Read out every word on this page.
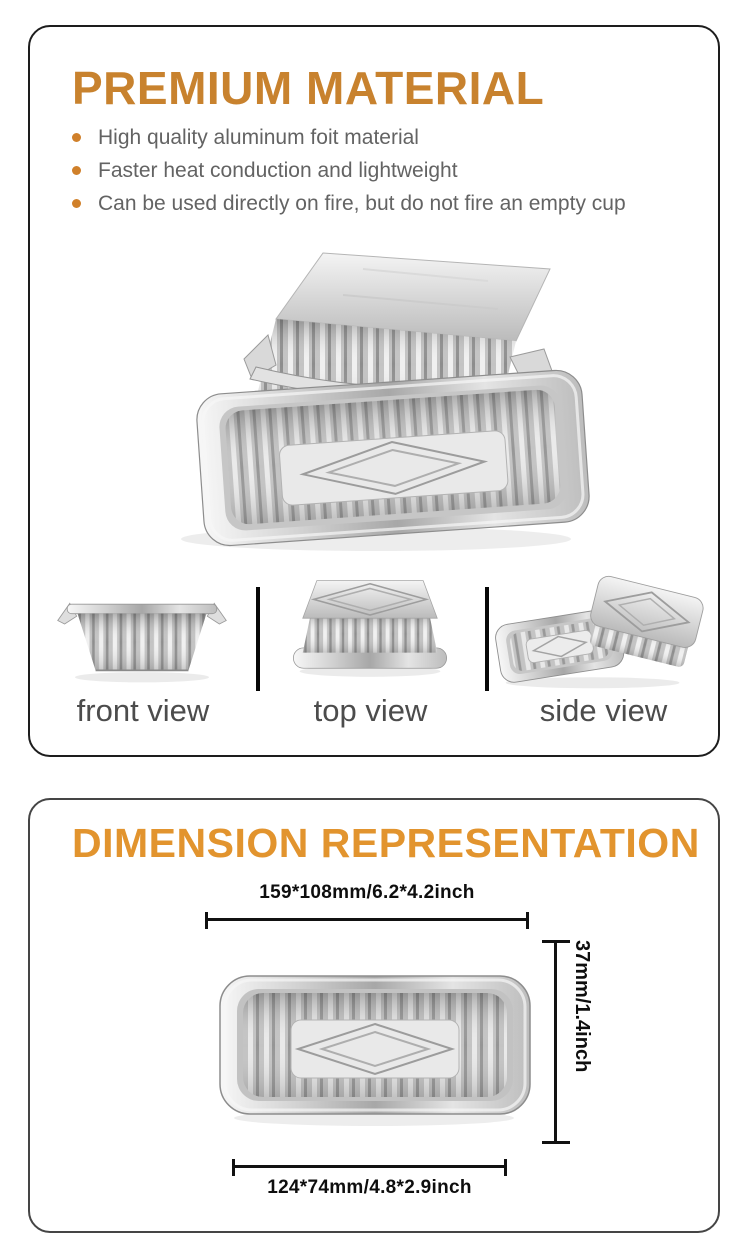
PREMIUM MATERIAL
High quality aluminum foit material
Faster heat conduction and lightweight
Can be used directly on fire, but do not fire an empty cup
front view	top view	side view
DIMENSION REPRESENTATION
159*108mm/6.2*4.2inch
37mm/1.4inch
124*74mm/4.8*2.9inch
